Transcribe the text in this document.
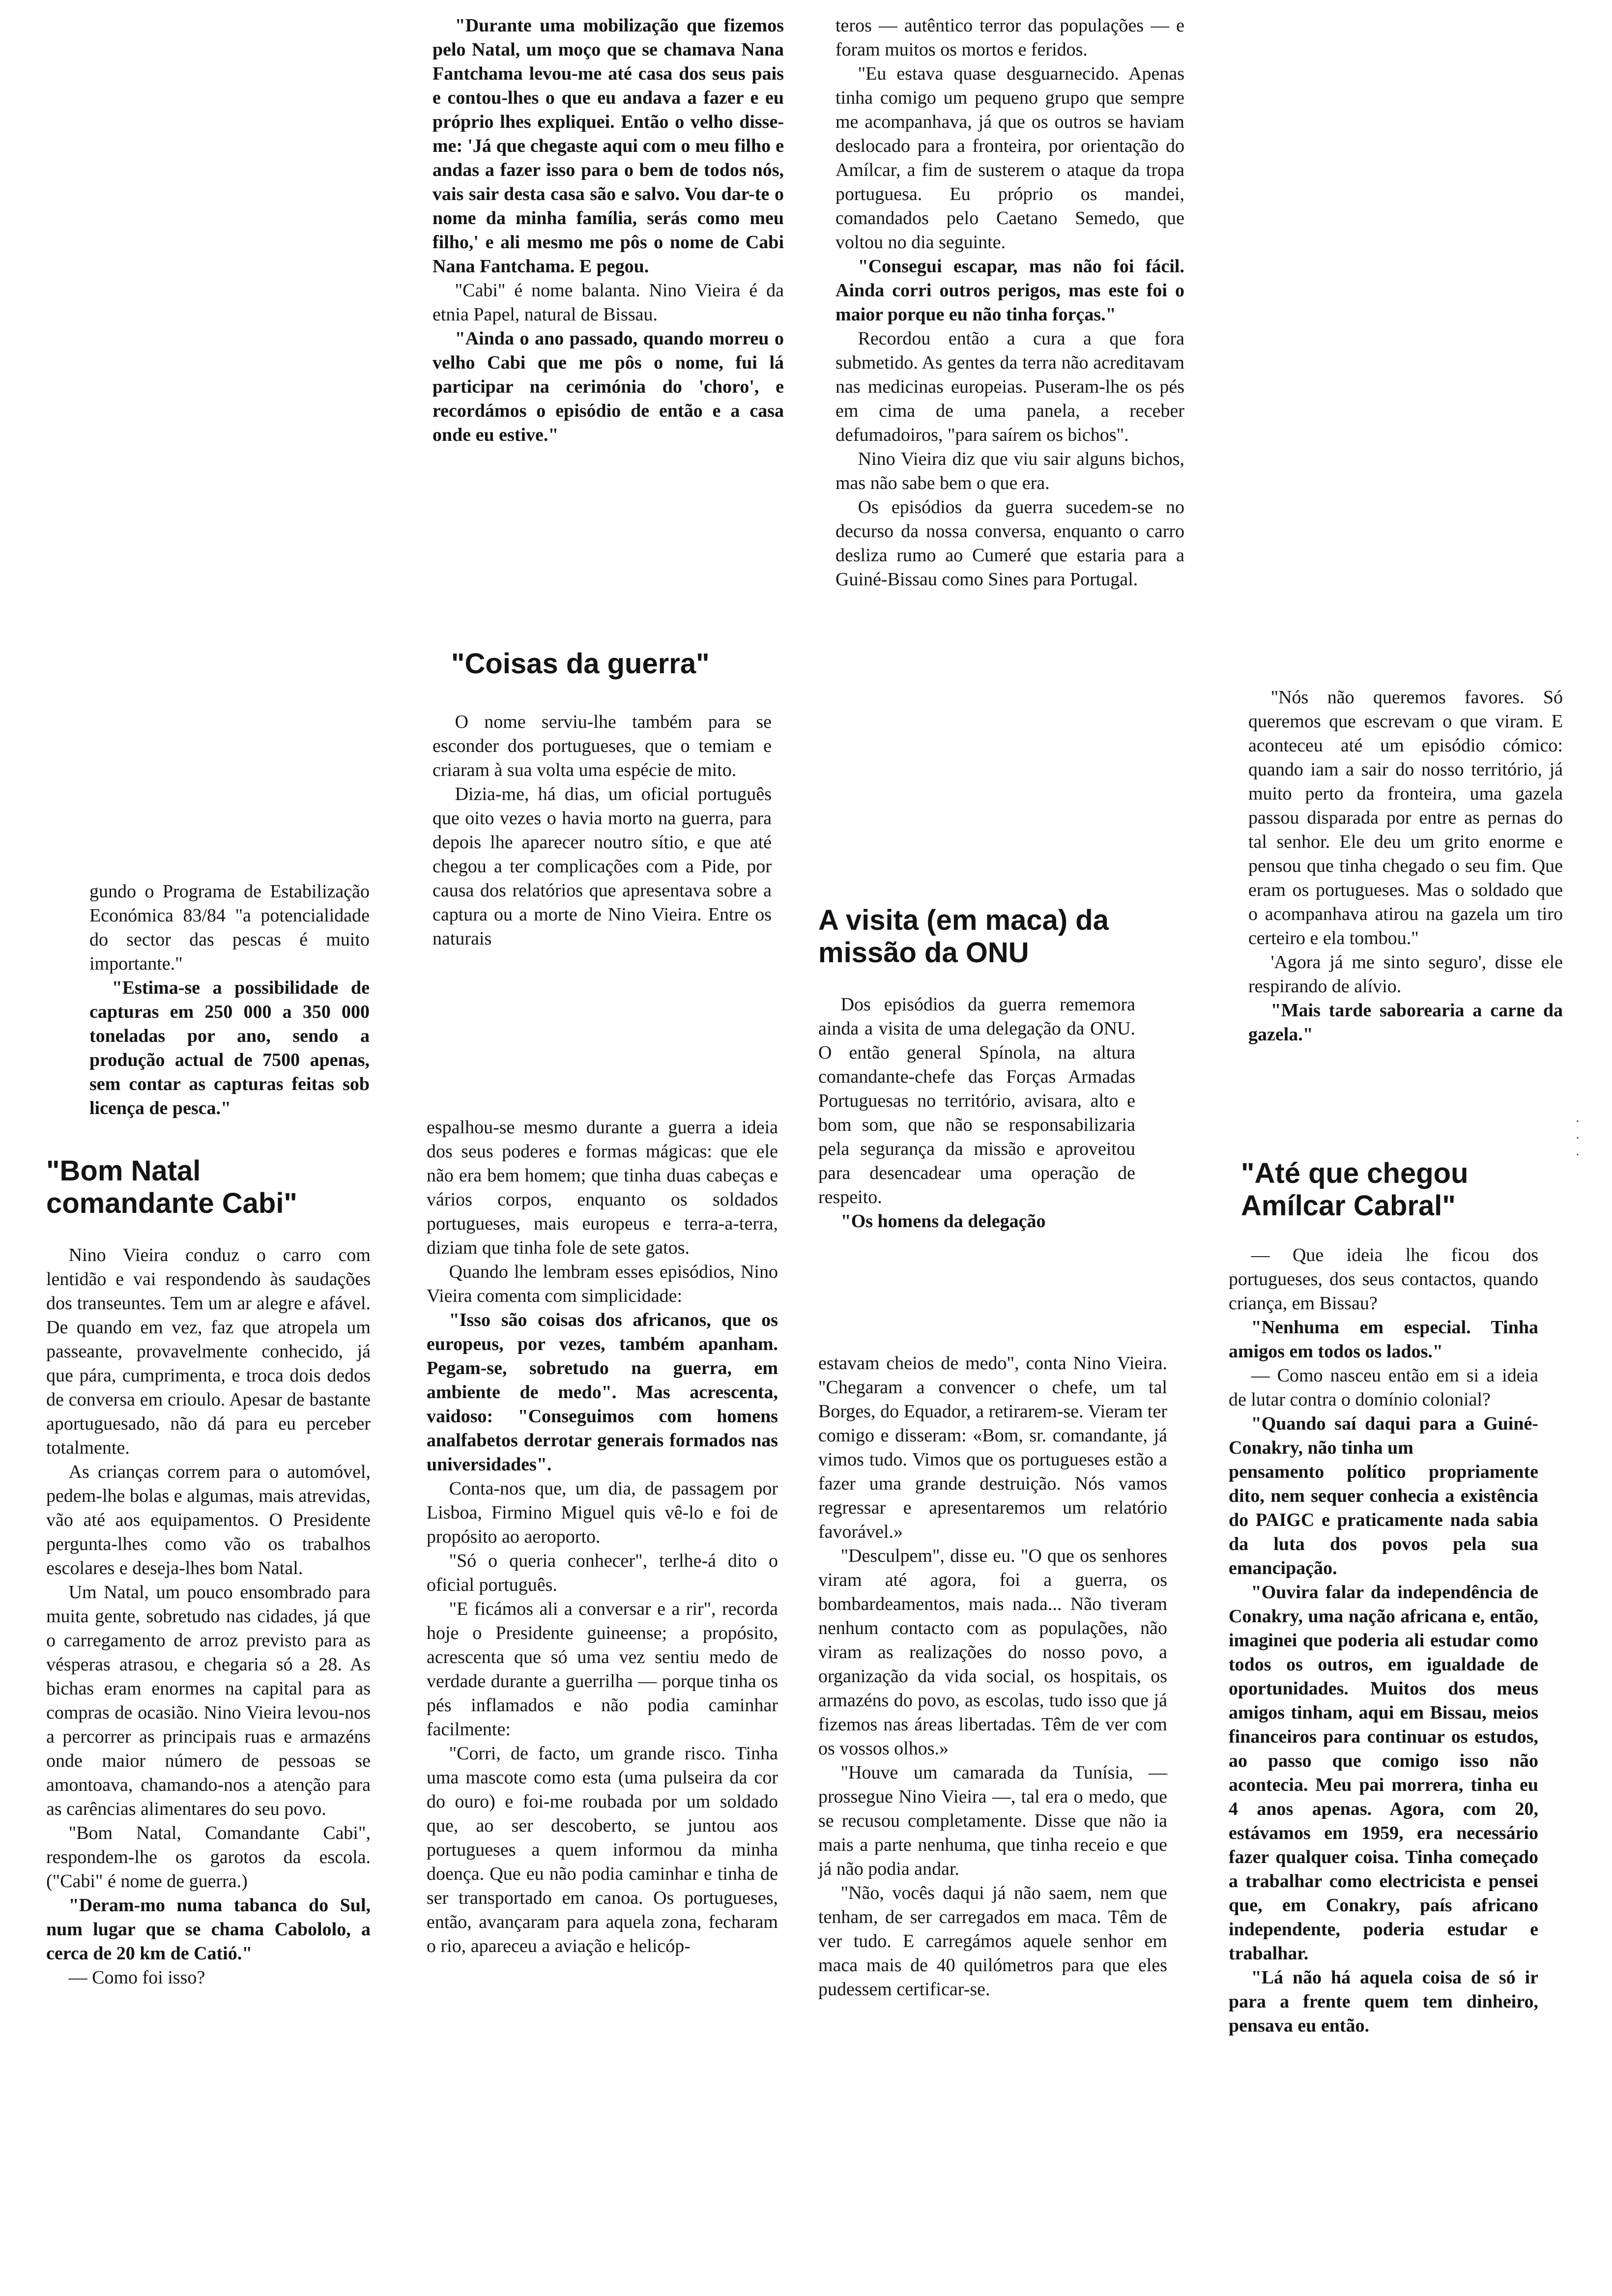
gundo o Programa de Estabilização Económica 83/84 "a potencialidade do sector das pescas é muito importante."

"Estima-se a possibilidade de capturas em 250 000 a 350 000 toneladas por ano, sendo a produção actual de 7500 apenas, sem contar as capturas feitas sob licença de pesca."

"Bom Natal comandante Cabi"

Nino Vieira conduz o carro com lentidão e vai respondendo às saudações dos transeuntes. Tem um ar alegre e afável. De quando em vez, faz que atropela um passeante, provavelmente conhecido, já que pára, cumprimenta, e troca dois dedos de conversa em crioulo. Apesar de bastante aportuguesado, não dá para eu perceber totalmente.

As crianças correm para o automóvel, pedem-lhe bolas e algumas, mais atrevidas, vão até aos equipamentos. O Presidente pergunta-lhes como vão os trabalhos escolares e deseja-lhes bom Natal.

Um Natal, um pouco ensombrado para muita gente, sobretudo nas cidades, já que o carregamento de arroz previsto para as vésperas atrasou, e chegaria só a 28. As bichas eram enormes na capital para as compras de ocasião. Nino Vieira levou-nos a percorrer as principais ruas e armazéns onde maior número de pessoas se amontoava, chamando-nos a atenção para as carências alimentares do seu povo.

"Bom Natal, Comandante Cabi", respondem-lhe os garotos da escola. ("Cabi" é nome de guerra.)

"Deram-mo numa tabanca do Sul, num lugar que se chama Cabololo, a cerca de 20 km de Catió."

— Como foi isso?

"Durante uma mobilização que fizemos pelo Natal, um moço que se chamava Nana Fantchama levou-me até casa dos seus pais e contou-lhes o que eu andava a fazer e eu próprio lhes expliquei. Então o velho disse-me: 'Já que chegaste aqui com o meu filho e andas a fazer isso para o bem de todos nós, vais sair desta casa são e salvo. Vou dar-te o nome da minha família, serás como meu filho,' e ali mesmo me pôs o nome de Cabi Nana Fantchama. E pegou.

"Cabi" é nome balanta. Nino Vieira é da etnia Papel, natural de Bissau.

"Ainda o ano passado, quando morreu o velho Cabi que me pôs o nome, fui lá participar na cerimónia do 'choro', e recordámos o episódio de então e a casa onde eu estive."

"Coisas da guerra"

O nome serviu-lhe também para se esconder dos portugueses, que o temiam e criaram à sua volta uma espécie de mito.

Dizia-me, há dias, um oficial português que oito vezes o havia morto na guerra, para depois lhe aparecer noutro sítio, e que até chegou a ter complicações com a Pide, por causa dos relatórios que apresentava sobre a captura ou a morte de Nino Vieira. Entre os naturais

espalhou-se mesmo durante a guerra a ideia dos seus poderes e formas mágicas: que ele não era bem homem; que tinha duas cabeças e vários corpos, enquanto os soldados portugueses, mais europeus e terra-a-terra, diziam que tinha fole de sete gatos.

Quando lhe lembram esses episódios, Nino Vieira comenta com simplicidade:

"Isso são coisas dos africanos, que os europeus, por vezes, também apanham. Pegam-se, sobretudo na guerra, em ambiente de medo". Mas acrescenta, vaidoso: "Conseguimos com homens analfabetos derrotar generais formados nas universidades".

Conta-nos que, um dia, de passagem por Lisboa, Firmino Miguel quis vê-lo e foi de propósito ao aeroporto.

"Só o queria conhecer", terlhe-á dito o oficial português.

"E ficámos ali a conversar e a rir", recorda hoje o Presidente guineense; a propósito, acrescenta que só uma vez sentiu medo de verdade durante a guerrilha — porque tinha os pés inflamados e não podia caminhar facilmente:

"Corri, de facto, um grande risco. Tinha uma mascote como esta (uma pulseira da cor do ouro) e foi-me roubada por um soldado que, ao ser descoberto, se juntou aos portugueses a quem informou da minha doença. Que eu não podia caminhar e tinha de ser transportado em canoa. Os portugueses, então, avançaram para aquela zona, fecharam o rio, apareceu a aviação e helicóp-

teros — autêntico terror das populações — e foram muitos os mortos e feridos.

"Eu estava quase desguarnecido. Apenas tinha comigo um pequeno grupo que sempre me acompanhava, já que os outros se haviam deslocado para a fronteira, por orientação do Amílcar, a fim de susterem o ataque da tropa portuguesa. Eu próprio os mandei, comandados pelo Caetano Semedo, que voltou no dia seguinte.

"Consegui escapar, mas não foi fácil. Ainda corri outros perigos, mas este foi o maior porque eu não tinha forças."

Recordou então a cura a que fora submetido. As gentes da terra não acreditavam nas medicinas europeias. Puseram-lhe os pés em cima de uma panela, a receber defumadoiros, "para saírem os bichos".

Nino Vieira diz que viu sair alguns bichos, mas não sabe bem o que era.

Os episódios da guerra sucedem-se no decurso da nossa conversa, enquanto o carro desliza rumo ao Cumeré que estaria para a Guiné-Bissau como Sines para Portugal.

A visita (em maca) da missão da ONU

Dos episódios da guerra rememora ainda a visita de uma delegação da ONU. O então general Spínola, na altura comandante-chefe das Forças Armadas Portuguesas no território, avisara, alto e bom som, que não se responsabilizaria pela segurança da missão e aproveitou para desencadear uma operação de respeito.

"Os homens da delegação

estavam cheios de medo", conta Nino Vieira. "Chegaram a convencer o chefe, um tal Borges, do Equador, a retirarem-se. Vieram ter comigo e disseram: «Bom, sr. comandante, já vimos tudo. Vimos que os portugueses estão a fazer uma grande destruição. Nós vamos regressar e apresentaremos um relatório favorável.»

"Desculpem", disse eu. "O que os senhores viram até agora, foi a guerra, os bombardeamentos, mais nada... Não tiveram nenhum contacto com as populações, não viram as realizações do nosso povo, a organização da vida social, os hospitais, os armazéns do povo, as escolas, tudo isso que já fizemos nas áreas libertadas. Têm de ver com os vossos olhos.»

"Houve um camarada da Tunísia, — prossegue Nino Vieira —, tal era o medo, que se recusou completamente. Disse que não ia mais a parte nenhuma, que tinha receio e que já não podia andar.

"Não, vocês daqui já não saem, nem que tenham, de ser carregados em maca. Têm de ver tudo. E carregámos aquele senhor em maca mais de 40 quilómetros para que eles pudessem certificar-se.

"Nós não queremos favores. Só queremos que escrevam o que viram. E aconteceu até um episódio cómico: quando iam a sair do nosso território, já muito perto da fronteira, uma gazela passou disparada por entre as pernas do tal senhor. Ele deu um grito enorme e pensou que tinha chegado o seu fim. Que eram os portugueses. Mas o soldado que o acompanhava atirou na gazela um tiro certeiro e ela tombou."

'Agora já me sinto seguro', disse ele respirando de alívio.

"Mais tarde saborearia a carne da gazela."

"Até que chegou Amílcar Cabral"

— Que ideia lhe ficou dos portugueses, dos seus contactos, quando criança, em Bissau?

"Nenhuma em especial. Tinha amigos em todos os lados."

— Como nasceu então em si a ideia de lutar contra o domínio colonial?

"Quando saí daqui para a Guiné-Conakry, não tinha um

pensamento político propriamente dito, nem sequer conhecia a existência do PAIGC e praticamente nada sabia da luta dos povos pela sua emancipação.

"Ouvira falar da independência de Conakry, uma nação africana e, então, imaginei que poderia ali estudar como todos os outros, em igualdade de oportunidades. Muitos dos meus amigos tinham, aqui em Bissau, meios financeiros para continuar os estudos, ao passo que comigo isso não acontecia. Meu pai morrera, tinha eu 4 anos apenas. Agora, com 20, estávamos em 1959, era necessário fazer qualquer coisa. Tinha começado a trabalhar como electricista e pensei que, em Conakry, país africano independente, poderia estudar e trabalhar.

"Lá não há aquela coisa de só ir para a frente quem tem dinheiro, pensava eu então.

·
·
·
